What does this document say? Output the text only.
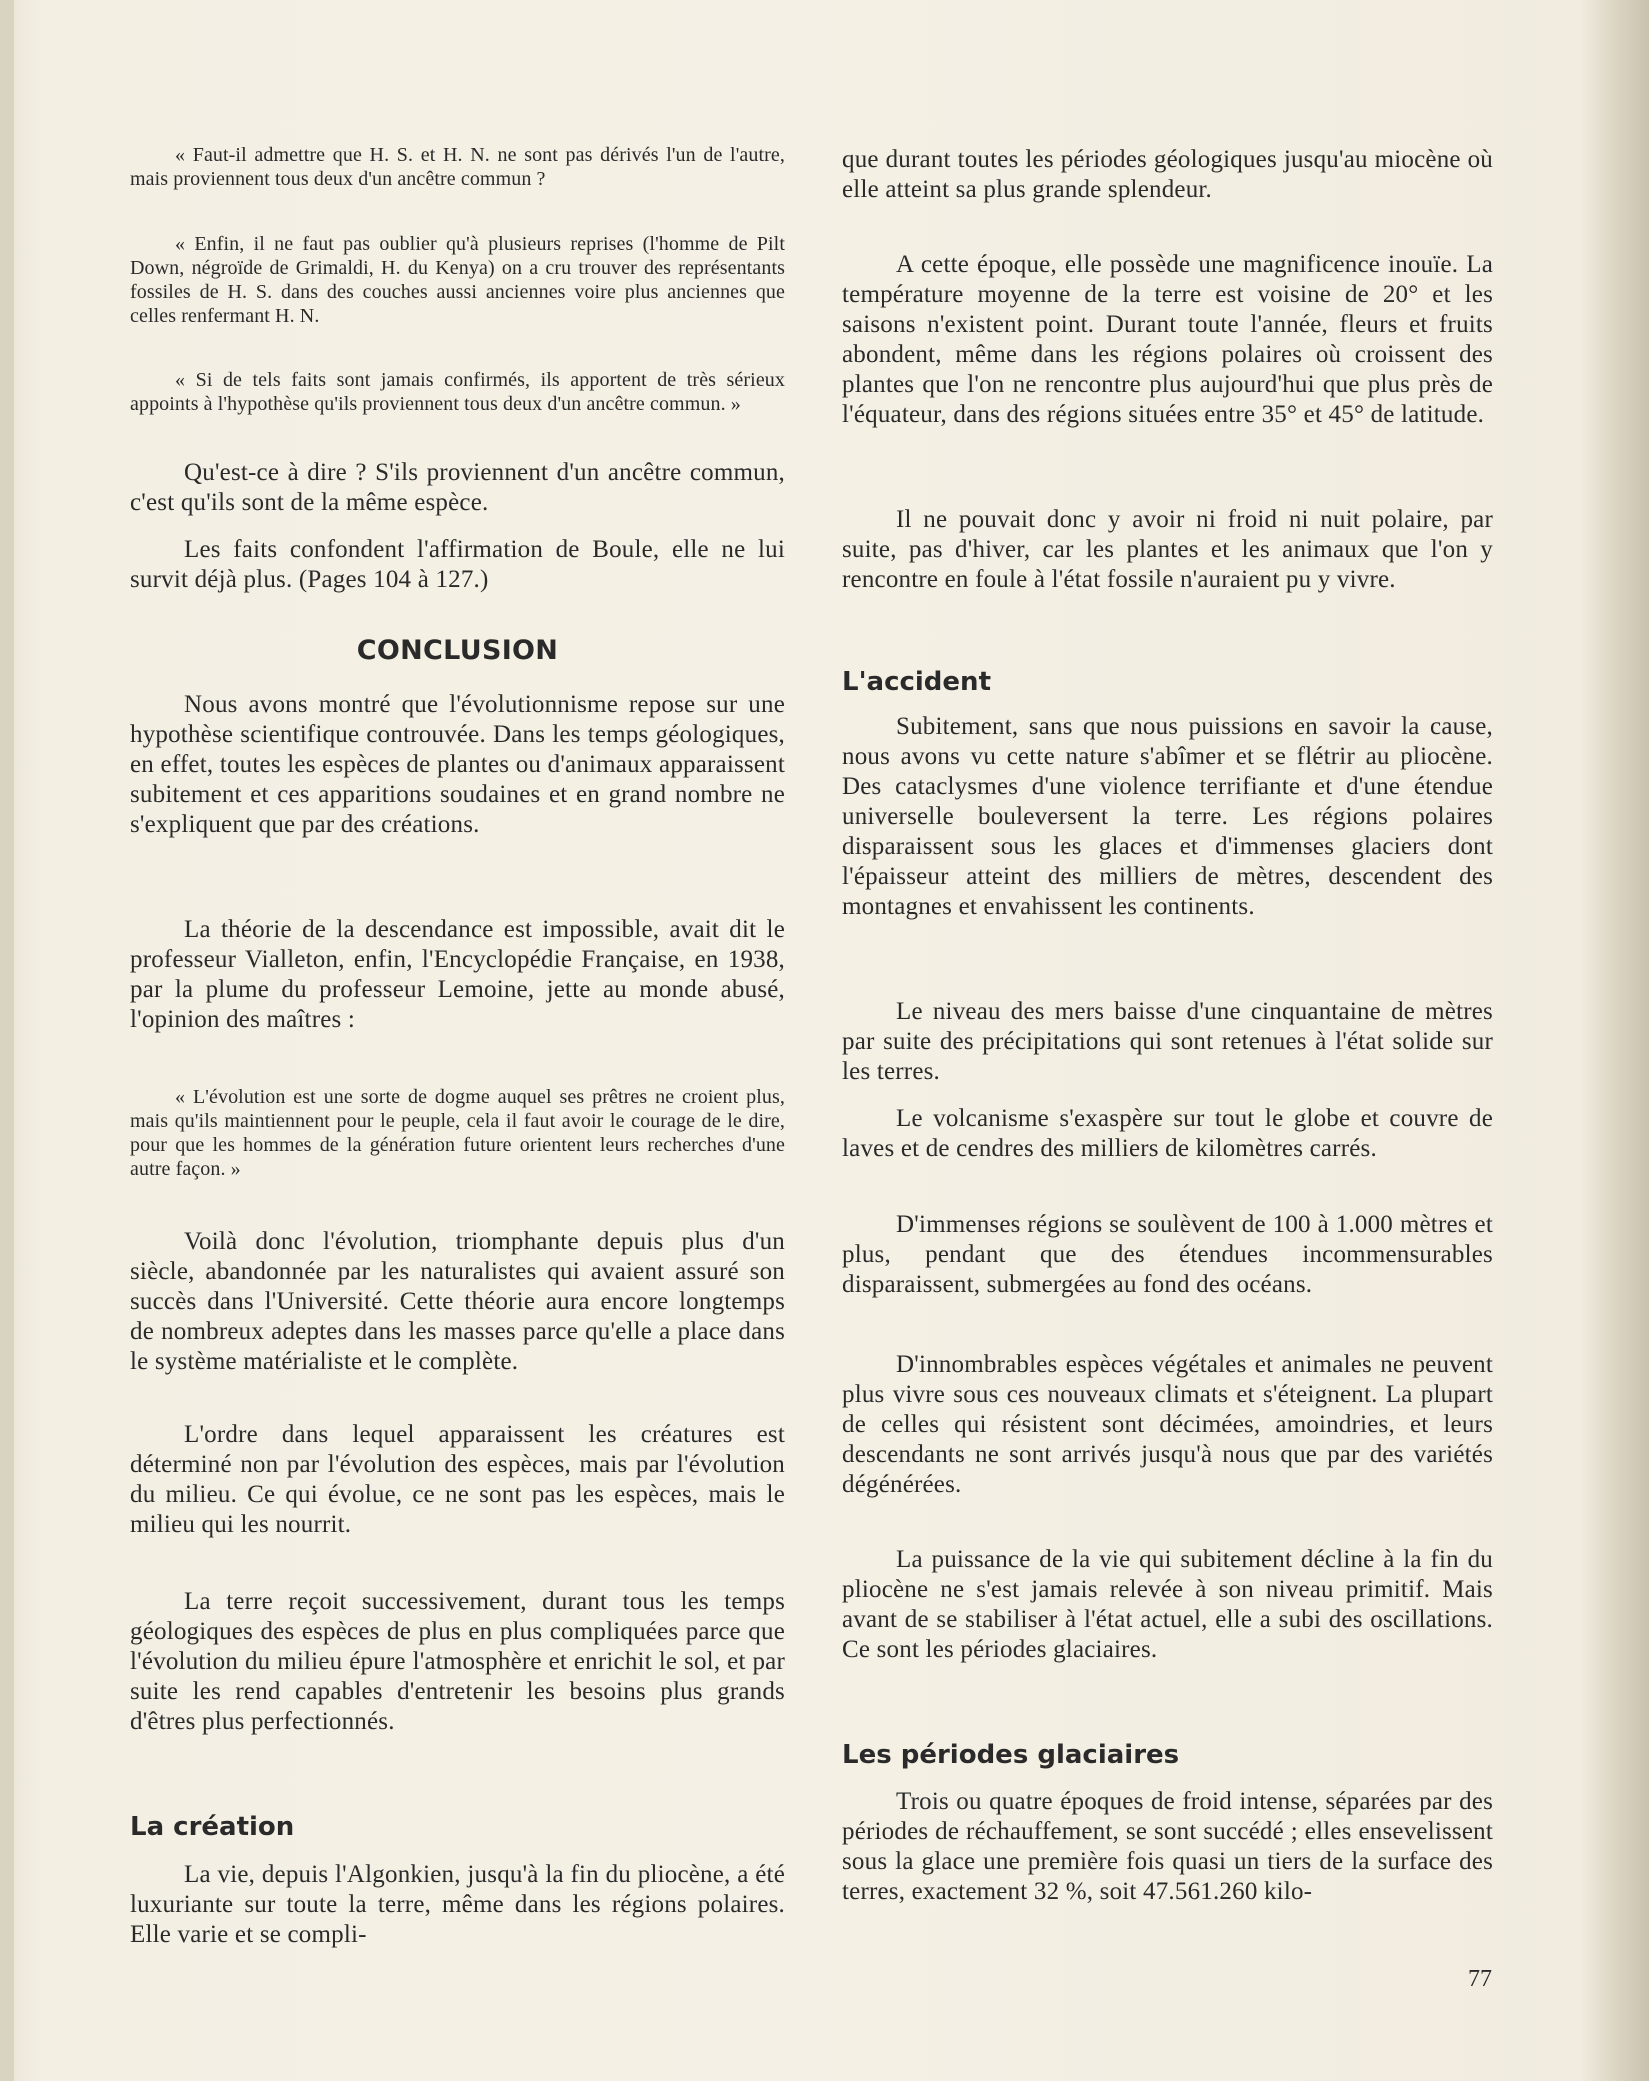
« Faut-il admettre que H. S. et H. N. ne sont pas dérivés l'un de l'autre, mais proviennent tous deux d'un ancêtre commun ?

« Enfin, il ne faut pas oublier qu'à plusieurs reprises (l'homme de Pilt Down, négroïde de Grimaldi, H. du Kenya) on a cru trouver des représentants fossiles de H. S. dans des couches aussi anciennes voire plus anciennes que celles renfermant H. N.

« Si de tels faits sont jamais confirmés, ils apportent de très sérieux appoints à l'hypothèse qu'ils proviennent tous deux d'un ancêtre commun. »

Qu'est-ce à dire ? S'ils proviennent d'un ancêtre commun, c'est qu'ils sont de la même espèce.

Les faits confondent l'affirmation de Boule, elle ne lui survit déjà plus. (Pages 104 à 127.)

CONCLUSION

Nous avons montré que l'évolutionnisme repose sur une hypothèse scientifique controuvée. Dans les temps géologiques, en effet, toutes les espèces de plantes ou d'animaux apparaissent subitement et ces apparitions soudaines et en grand nombre ne s'expliquent que par des créations.

La théorie de la descendance est impossible, avait dit le professeur Vialleton, enfin, l'Encyclopédie Française, en 1938, par la plume du professeur Lemoine, jette au monde abusé, l'opinion des maîtres :

« L'évolution est une sorte de dogme auquel ses prêtres ne croient plus, mais qu'ils maintiennent pour le peuple, cela il faut avoir le courage de le dire, pour que les hommes de la génération future orientent leurs recherches d'une autre façon. »

Voilà donc l'évolution, triomphante depuis plus d'un siècle, abandonnée par les naturalistes qui avaient assuré son succès dans l'Université. Cette théorie aura encore longtemps de nombreux adeptes dans les masses parce qu'elle a place dans le système matérialiste et le complète.

L'ordre dans lequel apparaissent les créatures est déterminé non par l'évolution des espèces, mais par l'évolution du milieu. Ce qui évolue, ce ne sont pas les espèces, mais le milieu qui les nourrit.

La terre reçoit successivement, durant tous les temps géologiques des espèces de plus en plus compliquées parce que l'évolution du milieu épure l'atmosphère et enrichit le sol, et par suite les rend capables d'entretenir les besoins plus grands d'êtres plus perfectionnés.

La création

La vie, depuis l'Algonkien, jusqu'à la fin du pliocène, a été luxuriante sur toute la terre, même dans les régions polaires. Elle varie et se compli-

que durant toutes les périodes géologiques jusqu'au miocène où elle atteint sa plus grande splendeur.

A cette époque, elle possède une magnificence inouïe. La température moyenne de la terre est voisine de 20° et les saisons n'existent point. Durant toute l'année, fleurs et fruits abondent, même dans les régions polaires où croissent des plantes que l'on ne rencontre plus aujourd'hui que plus près de l'équateur, dans des régions situées entre 35° et 45° de latitude.

Il ne pouvait donc y avoir ni froid ni nuit polaire, par suite, pas d'hiver, car les plantes et les animaux que l'on y rencontre en foule à l'état fossile n'auraient pu y vivre.

L'accident

Subitement, sans que nous puissions en savoir la cause, nous avons vu cette nature s'abîmer et se flétrir au pliocène. Des cataclysmes d'une violence terrifiante et d'une étendue universelle bouleversent la terre. Les régions polaires disparaissent sous les glaces et d'immenses glaciers dont l'épaisseur atteint des milliers de mètres, descendent des montagnes et envahissent les continents.

Le niveau des mers baisse d'une cinquantaine de mètres par suite des précipitations qui sont retenues à l'état solide sur les terres.

Le volcanisme s'exaspère sur tout le globe et couvre de laves et de cendres des milliers de kilomètres carrés.

D'immenses régions se soulèvent de 100 à 1.000 mètres et plus, pendant que des étendues incommensurables disparaissent, submergées au fond des océans.

D'innombrables espèces végétales et animales ne peuvent plus vivre sous ces nouveaux climats et s'éteignent. La plupart de celles qui résistent sont décimées, amoindries, et leurs descendants ne sont arrivés jusqu'à nous que par des variétés dégénérées.

La puissance de la vie qui subitement décline à la fin du pliocène ne s'est jamais relevée à son niveau primitif. Mais avant de se stabiliser à l'état actuel, elle a subi des oscillations. Ce sont les périodes glaciaires.

Les périodes glaciaires

Trois ou quatre époques de froid intense, séparées par des périodes de réchauffement, se sont succédé ; elles ensevelissent sous la glace une première fois quasi un tiers de la surface des terres, exactement 32 %, soit 47.561.260 kilo-

77
